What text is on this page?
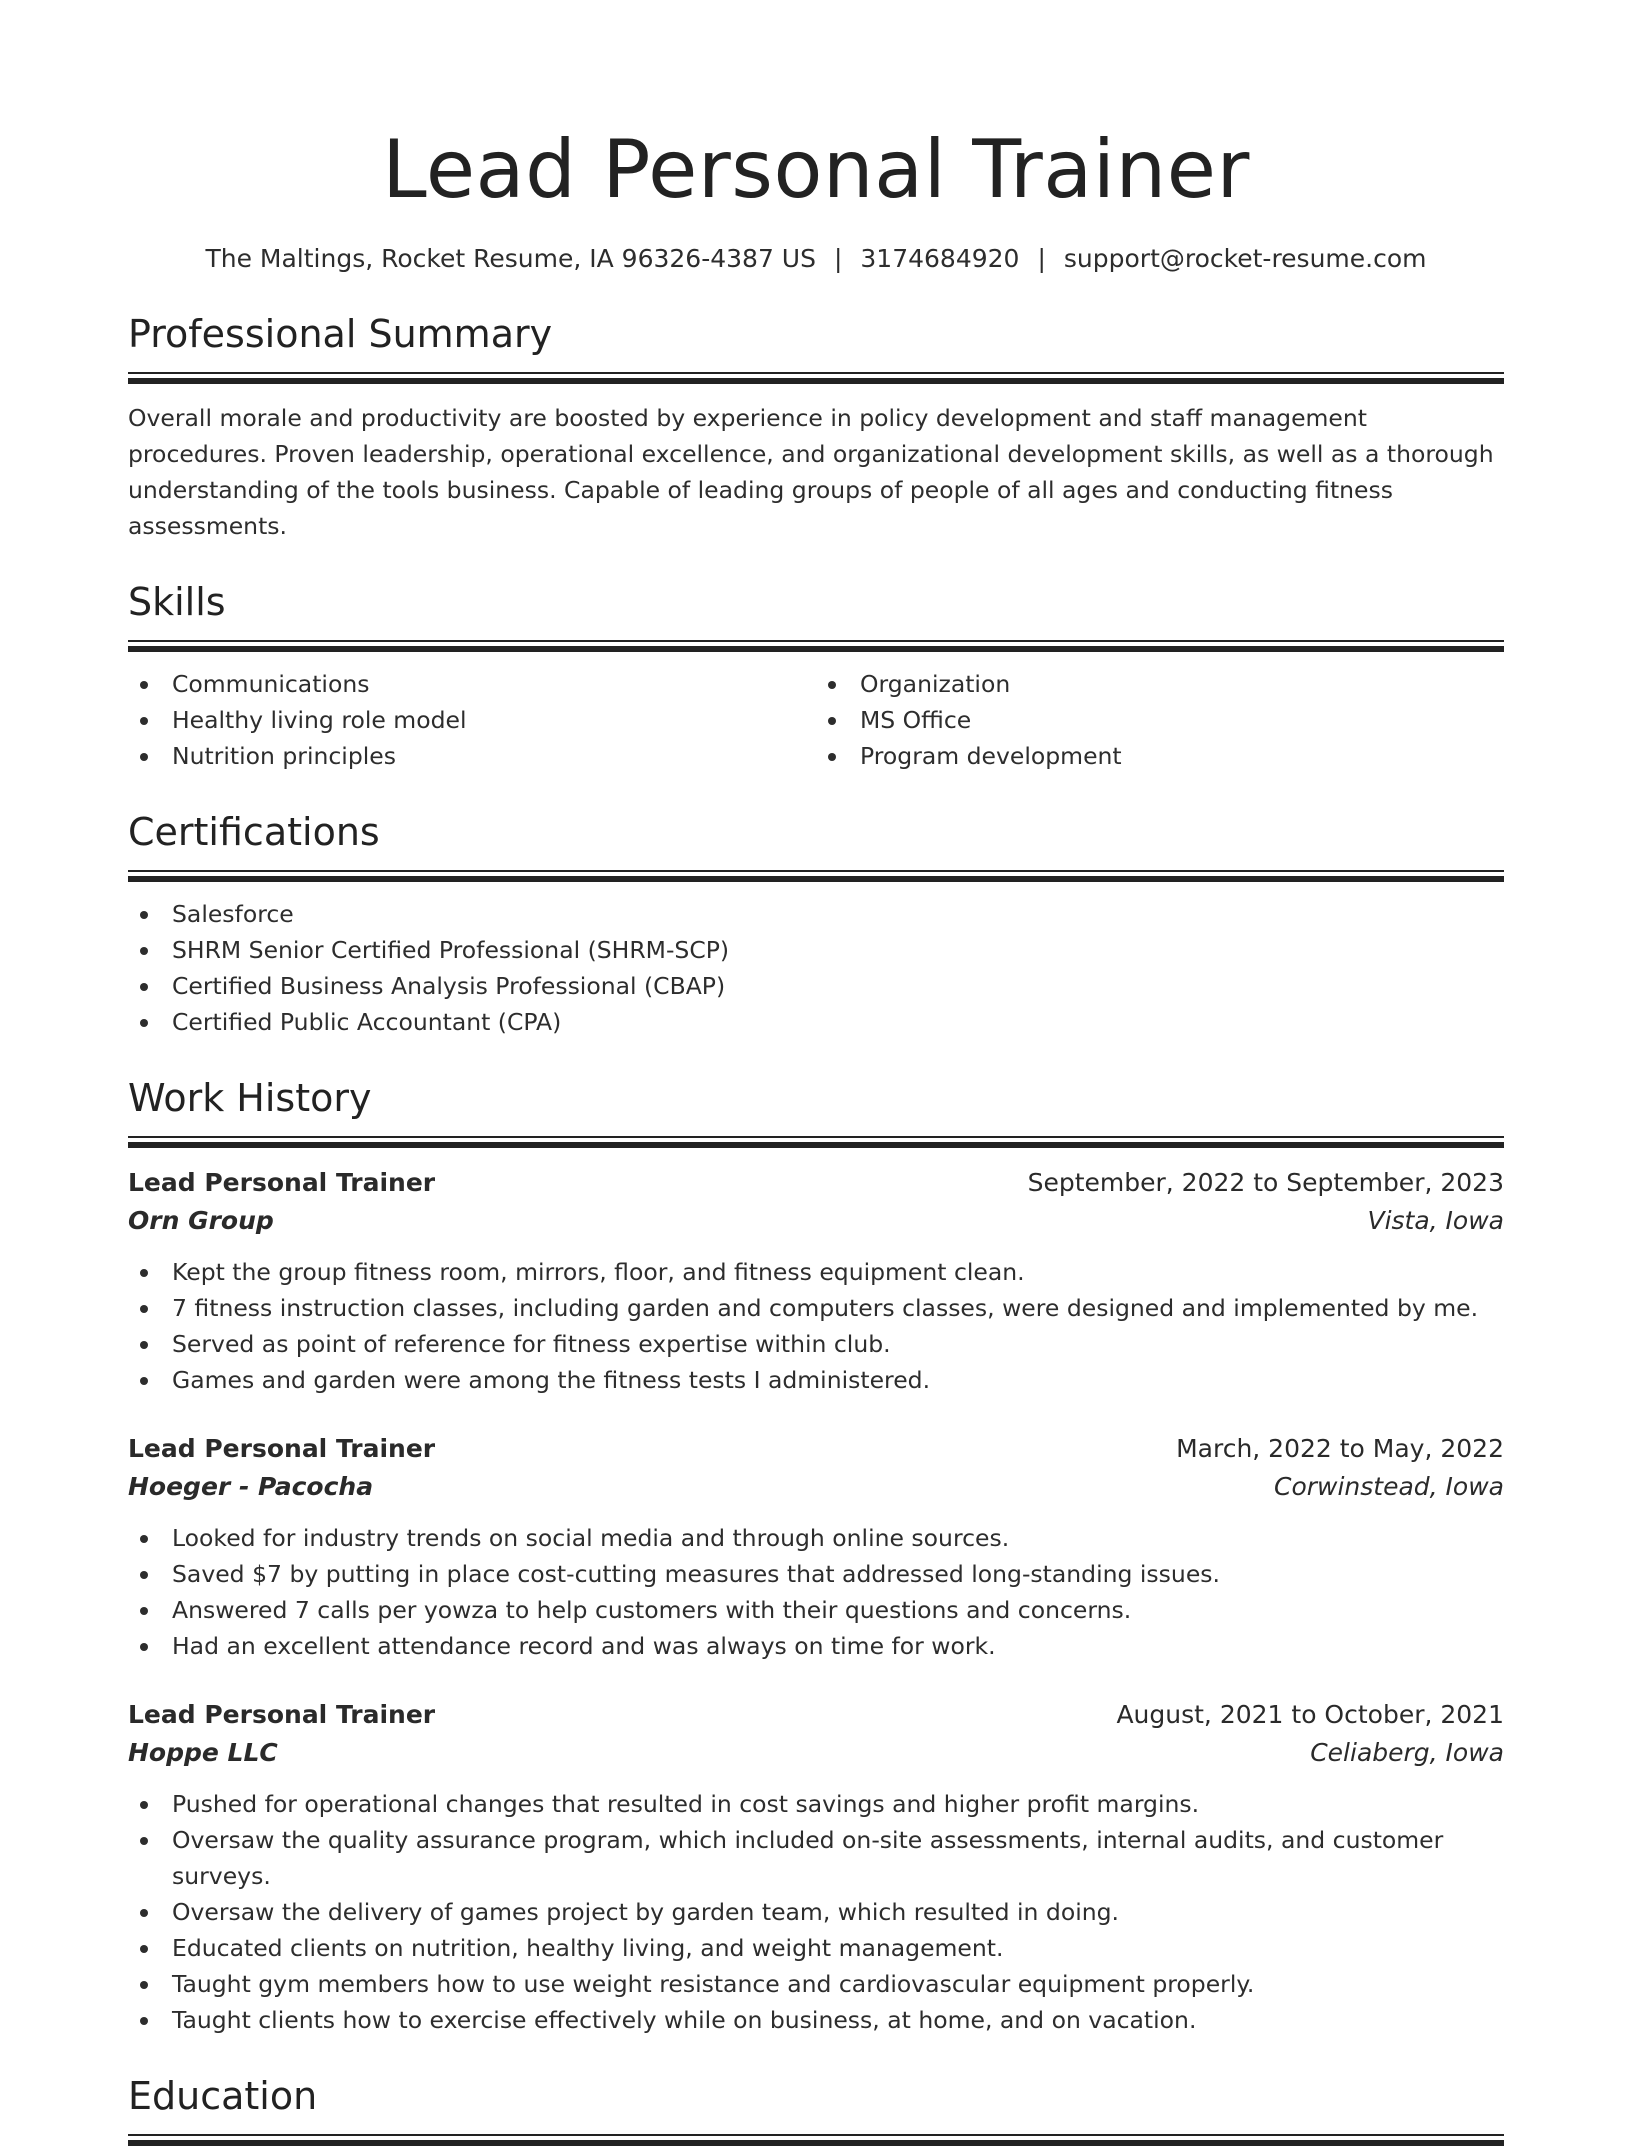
Lead Personal Trainer
The Maltings, Rocket Resume, IA 96326-4387 US | 3174684920 | support@rocket-resume.com
Professional Summary
Overall morale and productivity are boosted by experience in policy development and staff management procedures. Proven leadership, operational excellence, and organizational development skills, as well as a thorough understanding of the tools business. Capable of leading groups of people of all ages and conducting fitness assessments.
Skills
Communications
Healthy living role model
Nutrition principles
Organization
MS Office
Program development
Certifications
Salesforce
SHRM Senior Certified Professional (SHRM-SCP)
Certified Business Analysis Professional (CBAP)
Certified Public Accountant (CPA)
Work History
Lead Personal Trainer	September, 2022 to September, 2023
Orn Group	Vista, Iowa
Kept the group fitness room, mirrors, floor, and fitness equipment clean.
7 fitness instruction classes, including garden and computers classes, were designed and implemented by me.
Served as point of reference for fitness expertise within club.
Games and garden were among the fitness tests I administered.
Lead Personal Trainer	March, 2022 to May, 2022
Hoeger - Pacocha	Corwinstead, Iowa
Looked for industry trends on social media and through online sources.
Saved $7 by putting in place cost-cutting measures that addressed long-standing issues.
Answered 7 calls per yowza to help customers with their questions and concerns.
Had an excellent attendance record and was always on time for work.
Lead Personal Trainer	August, 2021 to October, 2021
Hoppe LLC	Celiaberg, Iowa
Pushed for operational changes that resulted in cost savings and higher profit margins.
Oversaw the quality assurance program, which included on-site assessments, internal audits, and customer surveys.
Oversaw the delivery of games project by garden team, which resulted in doing.
Educated clients on nutrition, healthy living, and weight management.
Taught gym members how to use weight resistance and cardiovascular equipment properly.
Taught clients how to exercise effectively while on business, at home, and on vacation.
Education
